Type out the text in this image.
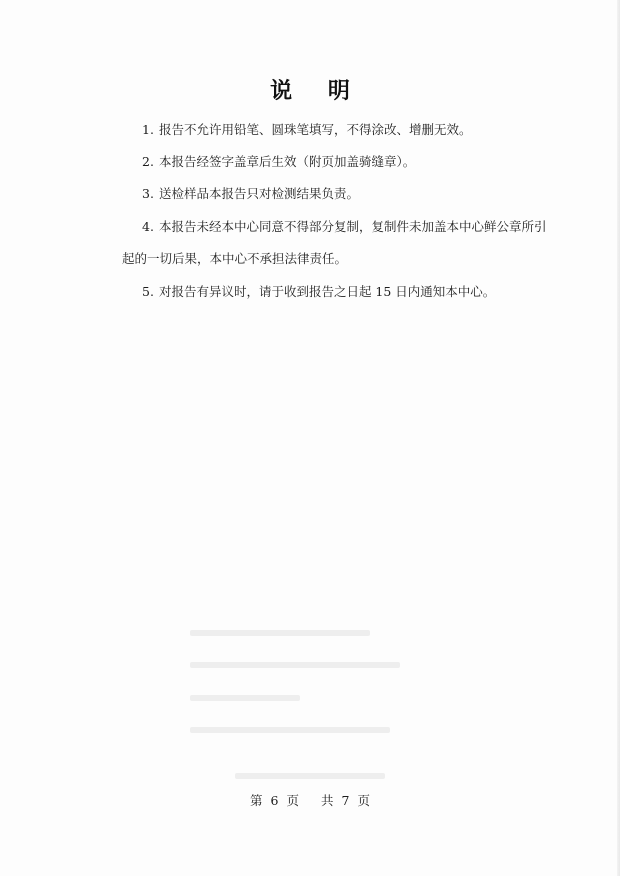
说 明
1. 报告不允许用铅笔、圆珠笔填写，不得涂改、增删无效。
2. 本报告经签字盖章后生效（附页加盖骑缝章）。
3. 送检样品本报告只对检测结果负责。
4. 本报告未经本中心同意不得部分复制，复制件未加盖本中心鲜公章所引
起的一切后果，本中心不承担法律责任。
5. 对报告有异议时，请于收到报告之日起 15 日内通知本中心。
第 6 页 共 7 页
